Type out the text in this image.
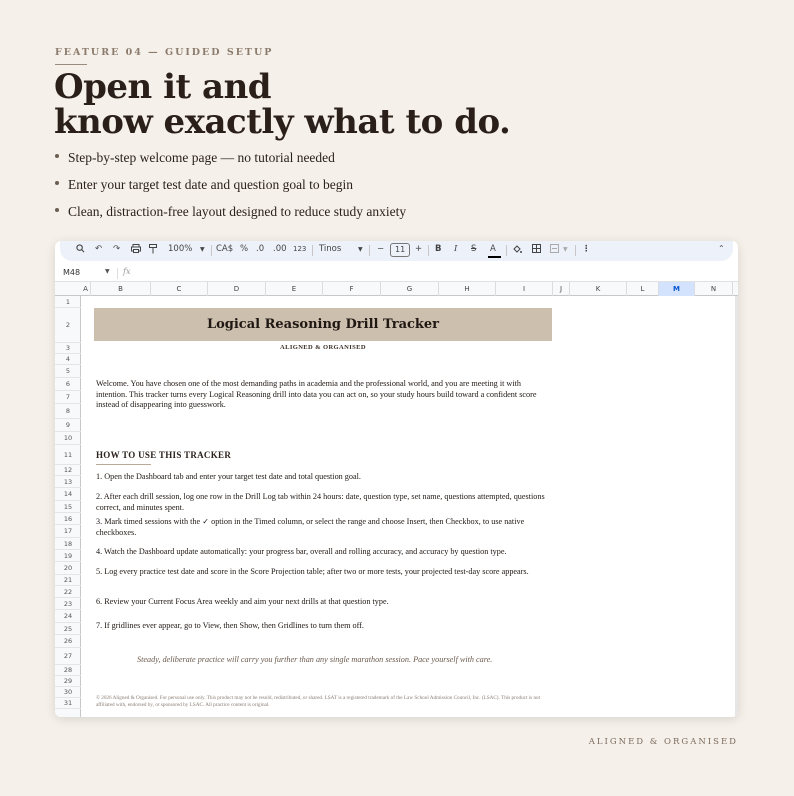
FEATURE 04 — GUIDED SETUP
Open it and
know exactly what to do.
Step-by-step welcome page — no tutorial needed
Enter your target test date and question goal to begin
Clean, distraction-free layout designed to reduce study anxiety
↶ ↷	100% ▼ CA$ % .0 .00 123 Tinos	▼ −	11	+ B I S A	▼ ⋮	⌃
M48	▼ fx
A	B	C	D	E	F	G	H	I	J	K	L	M	N
1
2
3
4
5
6
7
8
9
10
11
12
13
14
15
16
17
18
19
20
21
22
23
24
25
26
27
28
29
30
31
Logical Reasoning Drill Tracker
ALIGNED & ORGANISED
Welcome. You have chosen one of the most demanding paths in academia and the professional world, and you are meeting it with intention. This tracker turns every Logical Reasoning drill into data you can act on, so your study hours build toward a confident score instead of disappearing into guesswork.
HOW TO USE THIS TRACKER
1. Open the Dashboard tab and enter your target test date and total question goal.
2. After each drill session, log one row in the Drill Log tab within 24 hours: date, question type, set name, questions attempted, questions correct, and minutes spent.
3. Mark timed sessions with the ✓ option in the Timed column, or select the range and choose Insert, then Checkbox, to use native checkboxes.
4. Watch the Dashboard update automatically: your progress bar, overall and rolling accuracy, and accuracy by question type.
5. Log every practice test date and score in the Score Projection table; after two or more tests, your projected test-day score appears.
6. Review your Current Focus Area weekly and aim your next drills at that question type.
7. If gridlines ever appear, go to View, then Show, then Gridlines to turn them off.
Steady, deliberate practice will carry you further than any single marathon session. Pace yourself with care.
© 2026 Aligned & Organised. For personal use only. This product may not be resold, redistributed, or shared. LSAT is a registered trademark of the Law School Admission Council, Inc. (LSAC). This product is not affiliated with, endorsed by, or sponsored by LSAC. All practice content is original.
ALIGNED & ORGANISED
